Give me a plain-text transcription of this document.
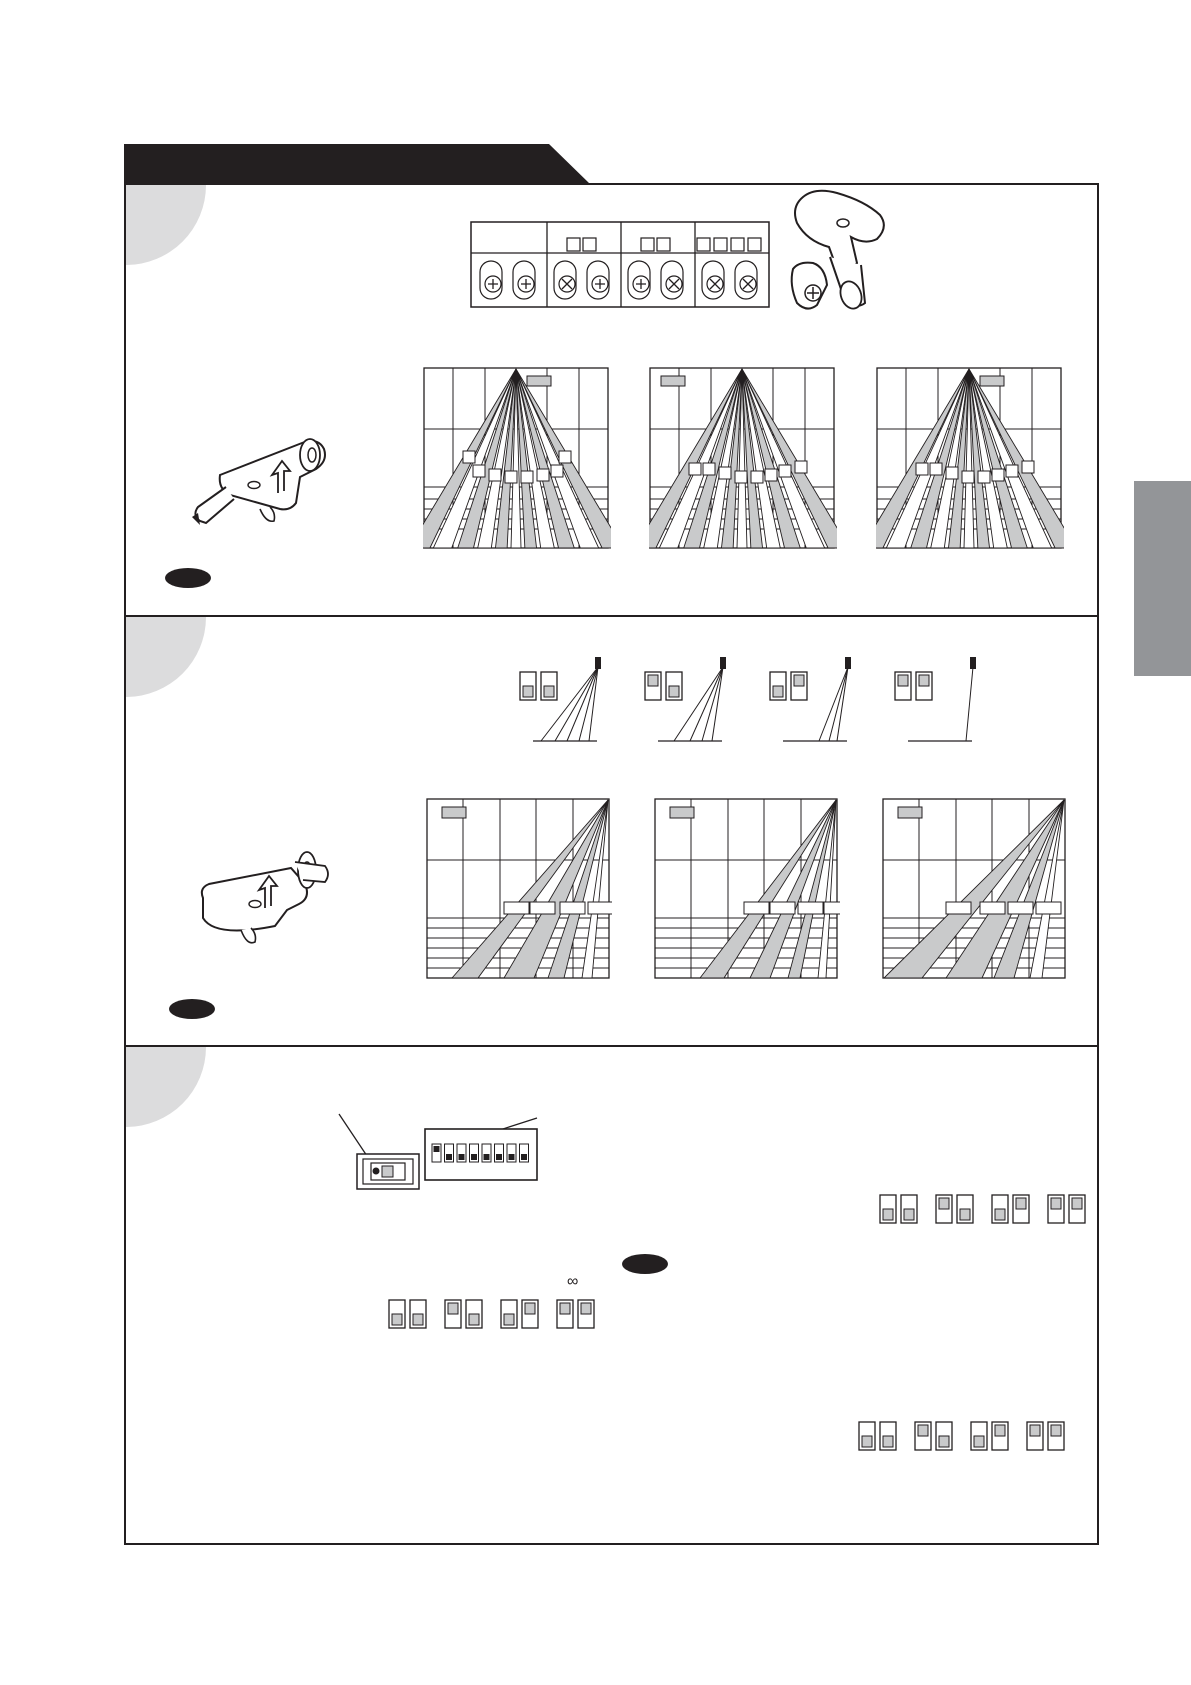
∞
